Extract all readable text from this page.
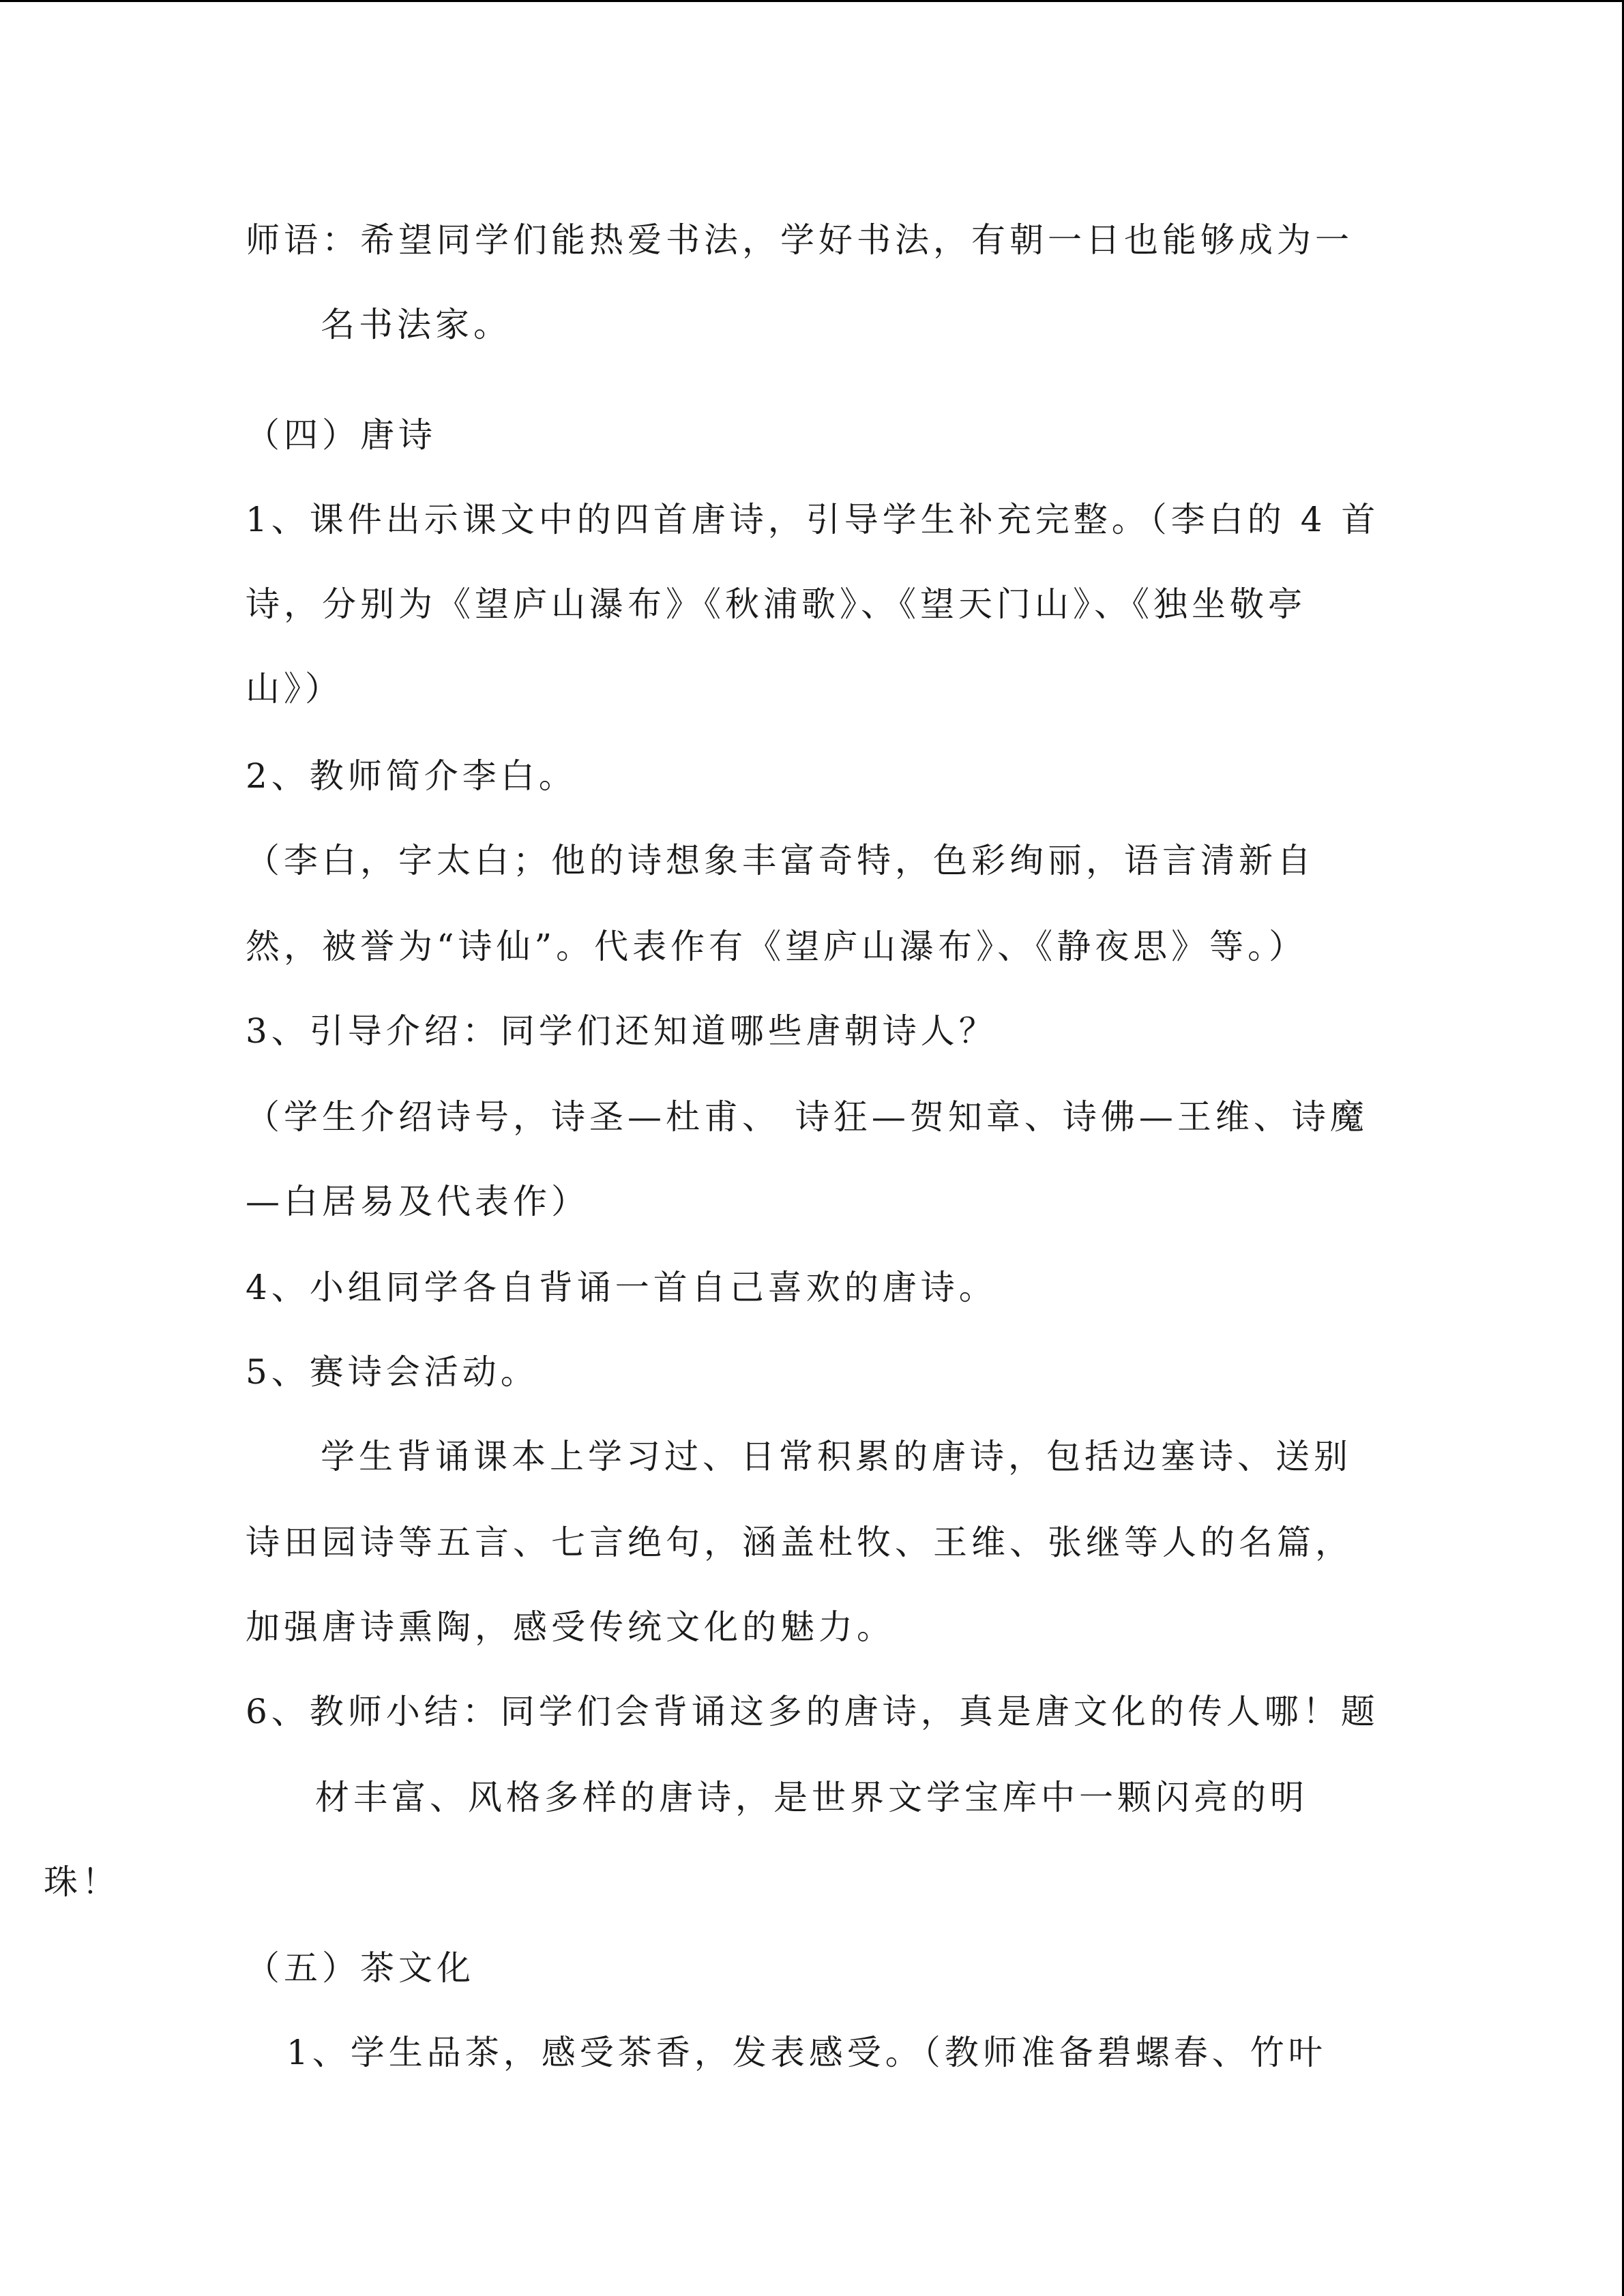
师语：希望同学们能热爱书法，学好书法，有朝一日也能够成为一
名书法家。
（四）唐诗
1、课件出示课文中的四首唐诗，引导学生补充完整。（李白的 4 首
诗，分别为《望庐山瀑布》《秋浦歌》、《望天门山》、《独坐敬亭
山》）
2、教师简介李白。
（李白，字太白；他的诗想象丰富奇特，色彩绚丽，语言清新自
然，被誉为“诗仙”。代表作有《望庐山瀑布》、《静夜思》等。）
3、引导介绍：同学们还知道哪些唐朝诗人？
（学生介绍诗号，诗圣—杜甫、 诗狂—贺知章、诗佛—王维、诗魔
—白居易及代表作）
4、小组同学各自背诵一首自己喜欢的唐诗。
5、赛诗会活动。
学生背诵课本上学习过、日常积累的唐诗，包括边塞诗、送别
诗田园诗等五言、七言绝句，涵盖杜牧、王维、张继等人的名篇，
加强唐诗熏陶，感受传统文化的魅力。
6、教师小结：同学们会背诵这多的唐诗，真是唐文化的传人哪！题
材丰富、风格多样的唐诗，是世界文学宝库中一颗闪亮的明
珠！
（五）茶文化
1、学生品茶，感受茶香，发表感受。（教师准备碧螺春、竹叶
